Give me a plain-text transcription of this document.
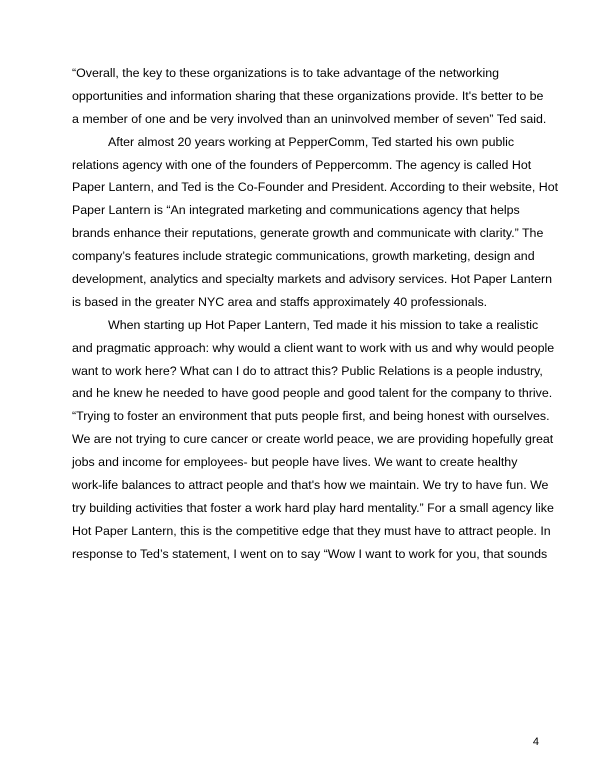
“Overall, the key to these organizations is to take advantage of the networking
opportunities and information sharing that these organizations provide. It's better to be
a member of one and be very involved than an uninvolved member of seven” Ted said.
After almost 20 years working at PepperComm, Ted started his own public
relations agency with one of the founders of Peppercomm. The agency is called Hot
Paper Lantern, and Ted is the Co-Founder and President. According to their website, Hot
Paper Lantern is “An integrated marketing and communications agency that helps
brands enhance their reputations, generate growth and communicate with clarity.” The
company’s features include strategic communications, growth marketing, design and
development, analytics and specialty markets and advisory services. Hot Paper Lantern
is based in the greater NYC area and staffs approximately 40 professionals.
When starting up Hot Paper Lantern, Ted made it his mission to take a realistic
and pragmatic approach: why would a client want to work with us and why would people
want to work here? What can I do to attract this? Public Relations is a people industry,
and he knew he needed to have good people and good talent for the company to thrive.
“Trying to foster an environment that puts people first, and being honest with ourselves.
We are not trying to cure cancer or create world peace, we are providing hopefully great
jobs and income for employees- but people have lives. We want to create healthy
work-life balances to attract people and that's how we maintain. We try to have fun. We
try building activities that foster a work hard play hard mentality.” For a small agency like
Hot Paper Lantern, this is the competitive edge that they must have to attract people. In
response to Ted’s statement, I went on to say “Wow I want to work for you, that sounds
4
